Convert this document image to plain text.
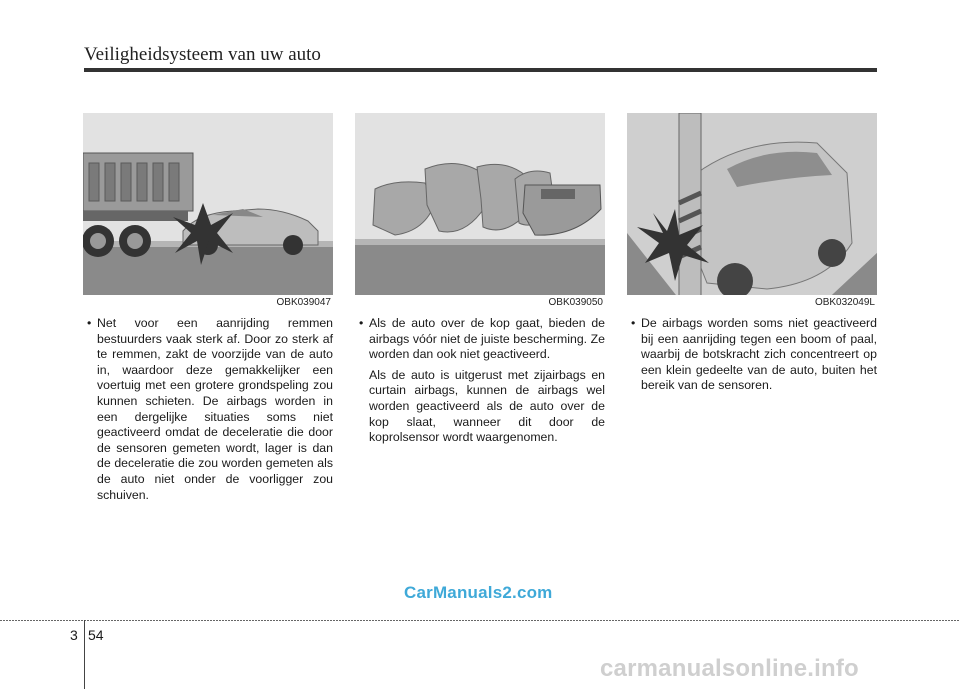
Veiligheidsysteem van uw auto
OBK039047	OBK039050	OBK032049L

• Net voor een aanrijding remmen bestuurders vaak sterk af. Door zo sterk af te remmen, zakt de voorzijde van de auto in, waardoor deze gemakkelijker een voertuig met een grotere grondspeling zou kunnen schieten. De airbags worden in een dergelijke situaties soms niet geactiveerd omdat de deceleratie die door de sensoren gemeten wordt, lager is dan de deceleratie die zou worden gemeten als de auto niet onder de voorligger zou schuiven.

• Als de auto over de kop gaat, bieden de airbags vóór niet de juiste bescherming. Ze worden dan ook niet geactiveerd.

Als de auto is uitgerust met zijairbags en curtain airbags, kunnen de airbags wel worden geactiveerd als de auto over de kop slaat, wanneer dit door de koprolsensor wordt waargenomen.

• De airbags worden soms niet geactiveerd bij een aanrijding tegen een boom of paal, waarbij de botskracht zich concentreert op een klein gedeelte van de auto, buiten het bereik van de sensoren.

CarManuals2.com
3 54
carmanualsonline.info
